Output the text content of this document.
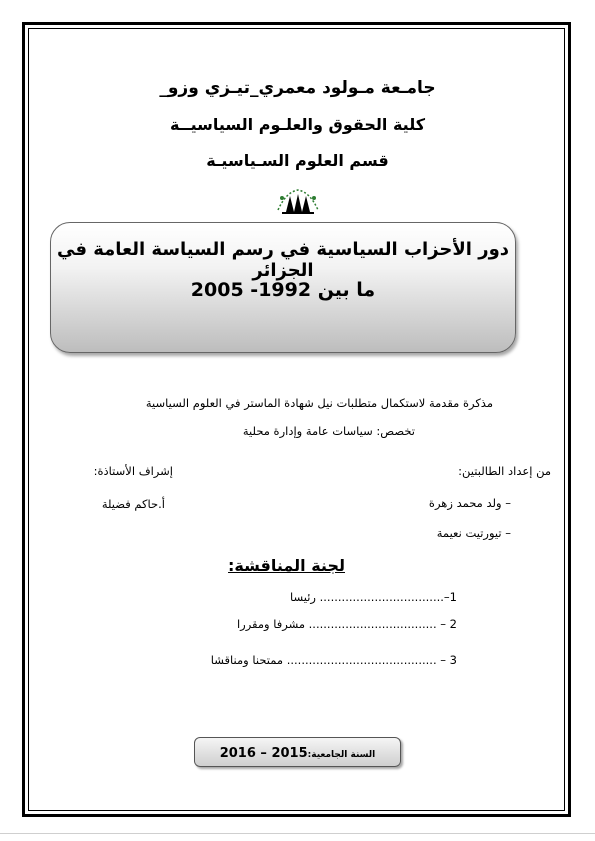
جامـعة مـولود معمري_تيـزي وزو_
كلية الحقوق والعلـوم السياسيــة
قسم العلوم السـياسيـة
دور الأحزاب السياسية في رسم السياسة العامة في الجزائر
ما بين 1992- 2005
مذكرة مقدمة لاستكمال متطلبات نيل شهادة الماستر في العلوم السياسية
تخصص: سياسات عامة وإدارة محلية
من إعداد الطالبتين:
إشراف الأستاذة:
– ولد محمد زهرة
– تيورتيت نعيمة
أ.حاكم فضيلة
لجنة المناقشة:
1–.................................. رئيسا
2 – ................................... مشرفا ومقررا
3 – ......................................... ممتحنا ومناقشا
السنة الجامعية:2015 – 2016
